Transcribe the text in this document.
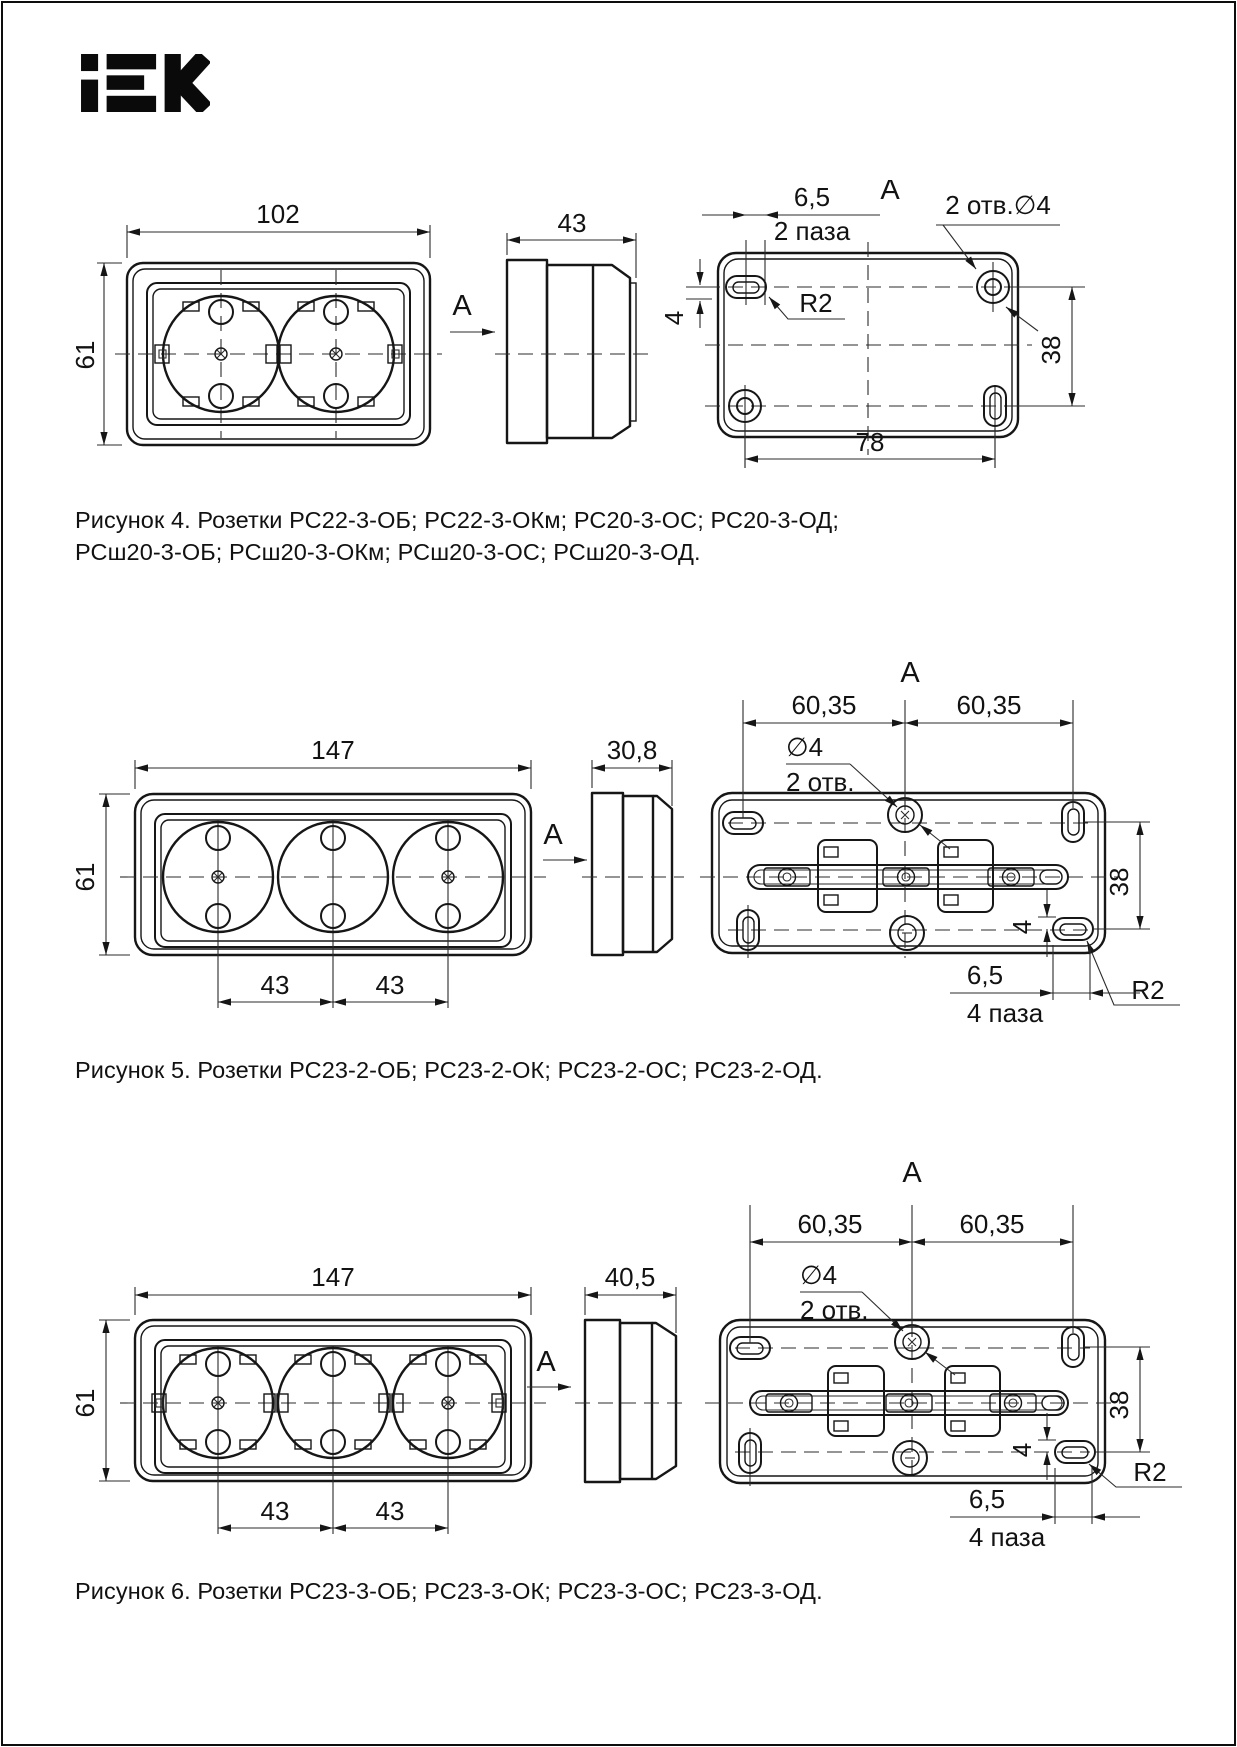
102
61
43
A
6,5
2 паза
A 2 отв.∅4
R2
4
38
78
Рисунок 4. Розетки РС22-3-ОБ; РС22-3-ОКм; РС20-3-ОС; РС20-3-ОД;
РСш20-3-ОБ; РСш20-3-ОКм; РСш20-3-ОС; РСш20-3-ОД.
147
61
43	43
30,8
A
A
60,35	60,35
∅4
2 отв.
38
4
R2
6,5
4 паза
Рисунок 5. Розетки РС23-2-ОБ; РС23-2-ОК; РС23-2-ОС; РС23-2-ОД.
147
61
43	43
40,5
A
A
60,35	60,35
∅4
2 отв.
38
4
R2
6,5
4 паза
Рисунок 6. Розетки РС23-3-ОБ; РС23-3-ОК; РС23-3-ОС; РС23-3-ОД.
